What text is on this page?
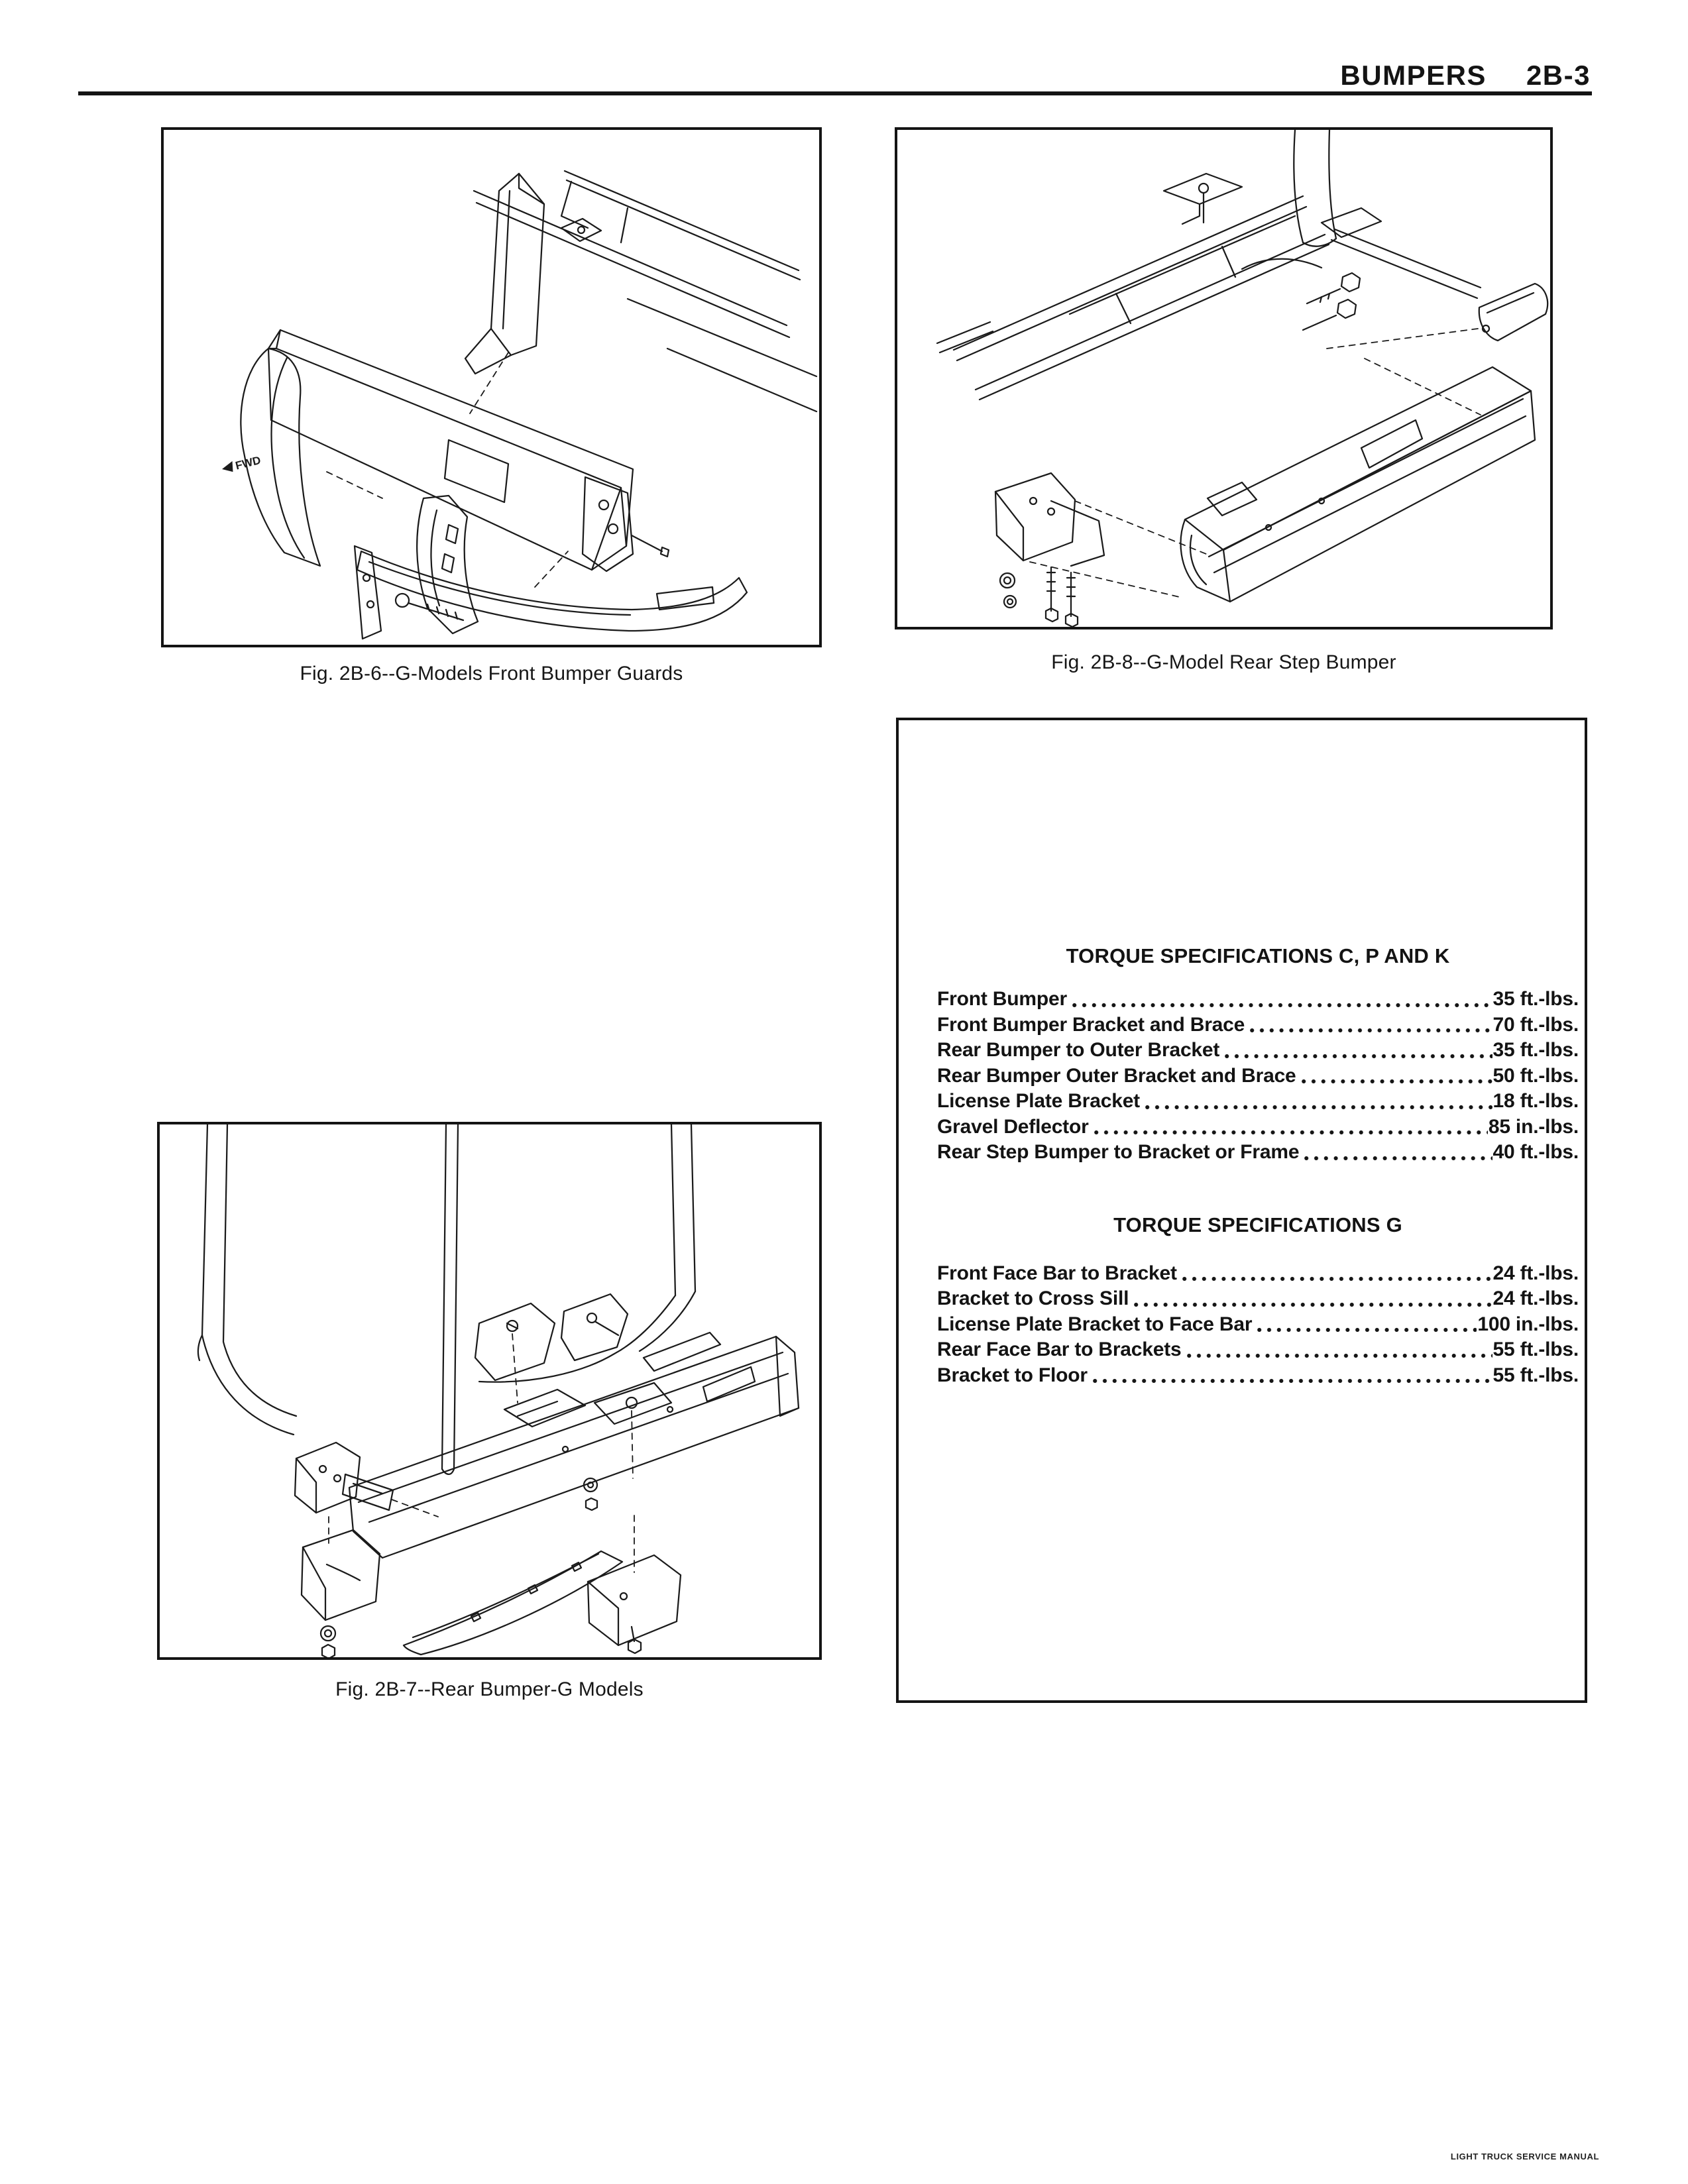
BUMPERS 2B-3
FWD
Fig. 2B-6--G-Models Front Bumper Guards
Fig. 2B-8--G-Model Rear Step Bumper
TORQUE SPECIFICATIONS C, P AND K
Front Bumper	35 ft.-lbs.
Front Bumper Bracket and Brace	70 ft.-lbs.
Rear Bumper to Outer Bracket	35 ft.-lbs.
Rear Bumper Outer Bracket and Brace	50 ft.-lbs.
License Plate Bracket	18 ft.-lbs.
Gravel Deflector	85 in.-lbs.
Rear Step Bumper to Bracket or Frame	40 ft.-lbs.
TORQUE SPECIFICATIONS G
Front Face Bar to Bracket	24 ft.-lbs.
Bracket to Cross Sill	24 ft.-lbs.
License Plate Bracket to Face Bar	100 in.-lbs.
Rear Face Bar to Brackets	55 ft.-lbs.
Bracket to Floor	55 ft.-lbs.
Fig. 2B-7--Rear Bumper-G Models
LIGHT TRUCK SERVICE MANUAL
